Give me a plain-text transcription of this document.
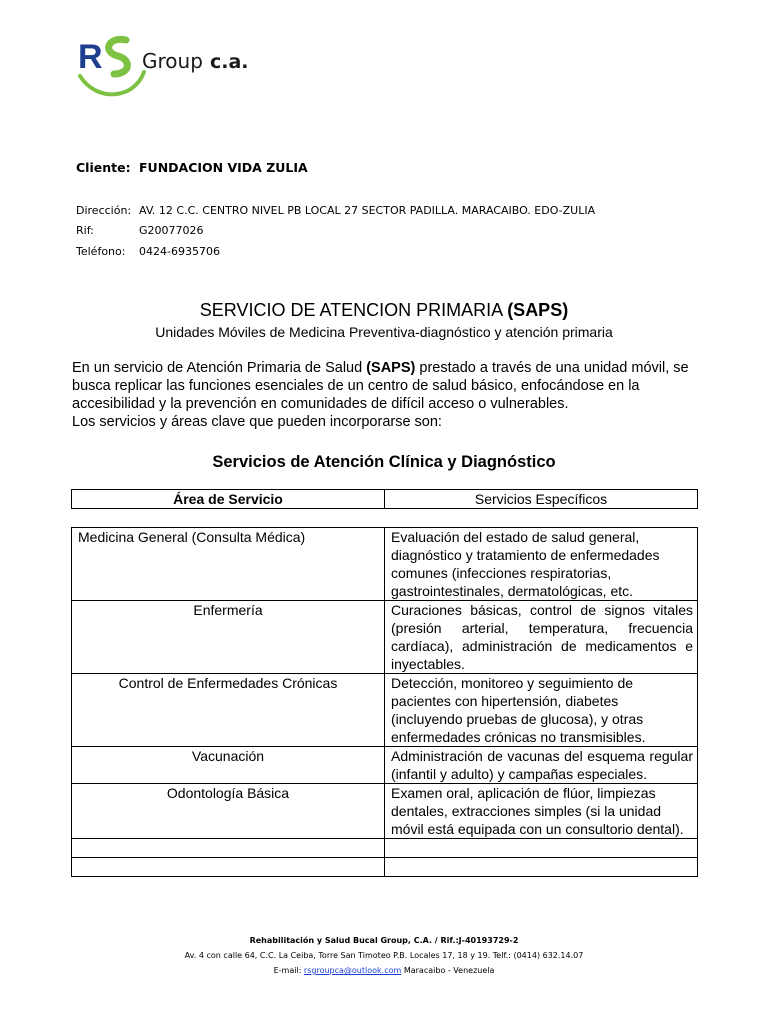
R Group c.a.
Cliente: FUNDACION VIDA ZULIA
Dirección: AV. 12 C.C. CENTRO NIVEL PB LOCAL 27 SECTOR PADILLA. MARACAIBO. EDO-ZULIA
Rif:	G20077026
Teléfono: 0424-6935706
SERVICIO DE ATENCION PRIMARIA (SAPS)
Unidades Móviles de Medicina Preventiva-diagnóstico y atención primaria
En un servicio de Atención Primaria de Salud (SAPS) prestado a través de una unidad móvil, se busca replicar las funciones esenciales de un centro de salud básico, enfocándose en la accesibilidad y la prevención en comunidades de difícil acceso o vulnerables.
Los servicios y áreas clave que pueden incorporarse son:
Servicios de Atención Clínica y Diagnóstico
Área de Servicio	Servicios Específicos
Medicina General (Consulta Médica)	Evaluación del estado de salud general, diagnóstico y tratamiento de enfermedades comunes (infecciones respiratorias, gastrointestinales, dermatológicas, etc.
Enfermería	Curaciones básicas, control de signos vitales (presión arterial, temperatura, frecuencia cardíaca), administración de medicamentos e inyectables.
Control de Enfermedades Crónicas	Detección, monitoreo y seguimiento de pacientes con hipertensión, diabetes (incluyendo pruebas de glucosa), y otras enfermedades crónicas no transmisibles.
Vacunación	Administración de vacunas del esquema regular (infantil y adulto) y campañas especiales.
Odontología Básica	Examen oral, aplicación de flúor, limpiezas dentales, extracciones simples (si la unidad móvil está equipada con un consultorio dental).

Rehabilitación y Salud Bucal Group, C.A. / Rif.:J-40193729-2
Av. 4 con calle 64, C.C. La Ceiba, Torre San Timoteo P.B. Locales 17, 18 y 19. Telf.: (0414) 632.14.07
E-mail: rsgroupca@outlook.com Maracaibo - Venezuela
